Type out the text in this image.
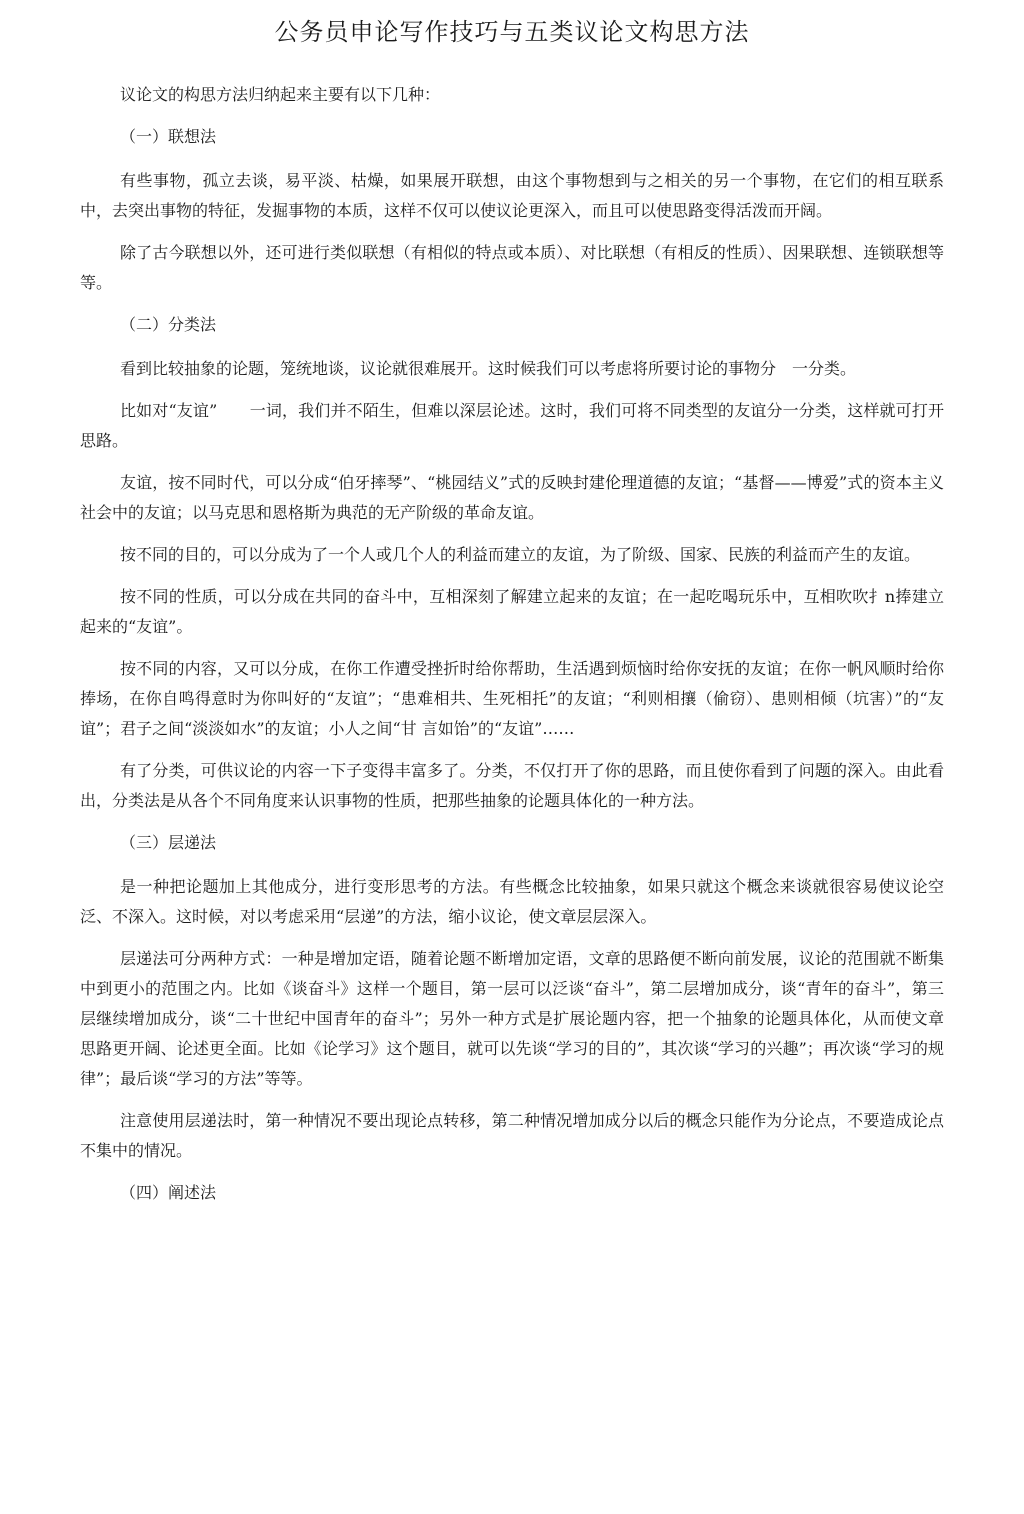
公务员申论写作技巧与五类议论文构思方法

议论文的构思方法归纳起来主要有以下几种：

（一）联想法

有些事物，孤立去谈，易平淡、枯燥，如果展开联想，由这个事物想到与之相关的另一个事物，在它们的相互联系中，去突出事物的特征，发掘事物的本质，这样不仅可以使议论更深入，而且可以使思路变得活泼而开阔。

除了古今联想以外，还可进行类似联想（有相似的特点或本质）、对比联想（有相反的性质）、因果联想、连锁联想等等。

（二）分类法

看到比较抽象的论题，笼统地谈，议论就很难展开。这时候我们可以考虑将所要讨论的事物分　一分类。

比如对“友谊”　　一词，我们并不陌生，但难以深层论述。这时，我们可将不同类型的友谊分一分类，这样就可打开思路。

友谊，按不同时代，可以分成“伯牙摔琴”、“桃园结义”式的反映封建伦理道德的友谊；“基督——博爱”式的资本主义社会中的友谊；以马克思和恩格斯为典范的无产阶级的革命友谊。

按不同的目的，可以分成为了一个人或几个人的利益而建立的友谊，为了阶级、国家、民族的利益而产生的友谊。

按不同的性质，可以分成在共同的奋斗中，互相深刻了解建立起来的友谊；在一起吃喝玩乐中，互相吹吹扌n捧建立起来的“友谊”。

按不同的内容，又可以分成，在你工作遭受挫折时给你帮助，生活遇到烦恼时给你安抚的友谊；在你一帆风顺时给你捧场，在你自鸣得意时为你叫好的“友谊”；“患难相共、生死相托”的友谊；“利则相攘（偷窃）、患则相倾（坑害）”的“友谊”；君子之间“淡淡如水”的友谊；小人之间“甘 言如饴”的“友谊”……

有了分类，可供议论的内容一下子变得丰富多了。分类，不仅打开了你的思路，而且使你看到了问题的深入。由此看出，分类法是从各个不同角度来认识事物的性质，把那些抽象的论题具体化的一种方法。

（三）层递法

是一种把论题加上其他成分，进行变形思考的方法。有些概念比较抽象，如果只就这个概念来谈就很容易使议论空泛、不深入。这时候，对以考虑采用“层递”的方法，缩小议论，使文章层层深入。

层递法可分两种方式：一种是增加定语，随着论题不断增加定语，文章的思路便不断向前发展，议论的范围就不断集中到更小的范围之内。比如《谈奋斗》这样一个题目，第一层可以泛谈“奋斗”，第二层增加成分，谈“青年的奋斗”，第三层继续增加成分，谈“二十世纪中国青年的奋斗”；另外一种方式是扩展论题内容，把一个抽象的论题具体化，从而使文章思路更开阔、论述更全面。比如《论学习》这个题目，就可以先谈“学习的目的”，其次谈“学习的兴趣”；再次谈“学习的规律”；最后谈“学习的方法”等等。

注意使用层递法时，第一种情况不要出现论点转移，第二种情况增加成分以后的概念只能作为分论点，不要造成论点不集中的情况。

（四）阐述法
